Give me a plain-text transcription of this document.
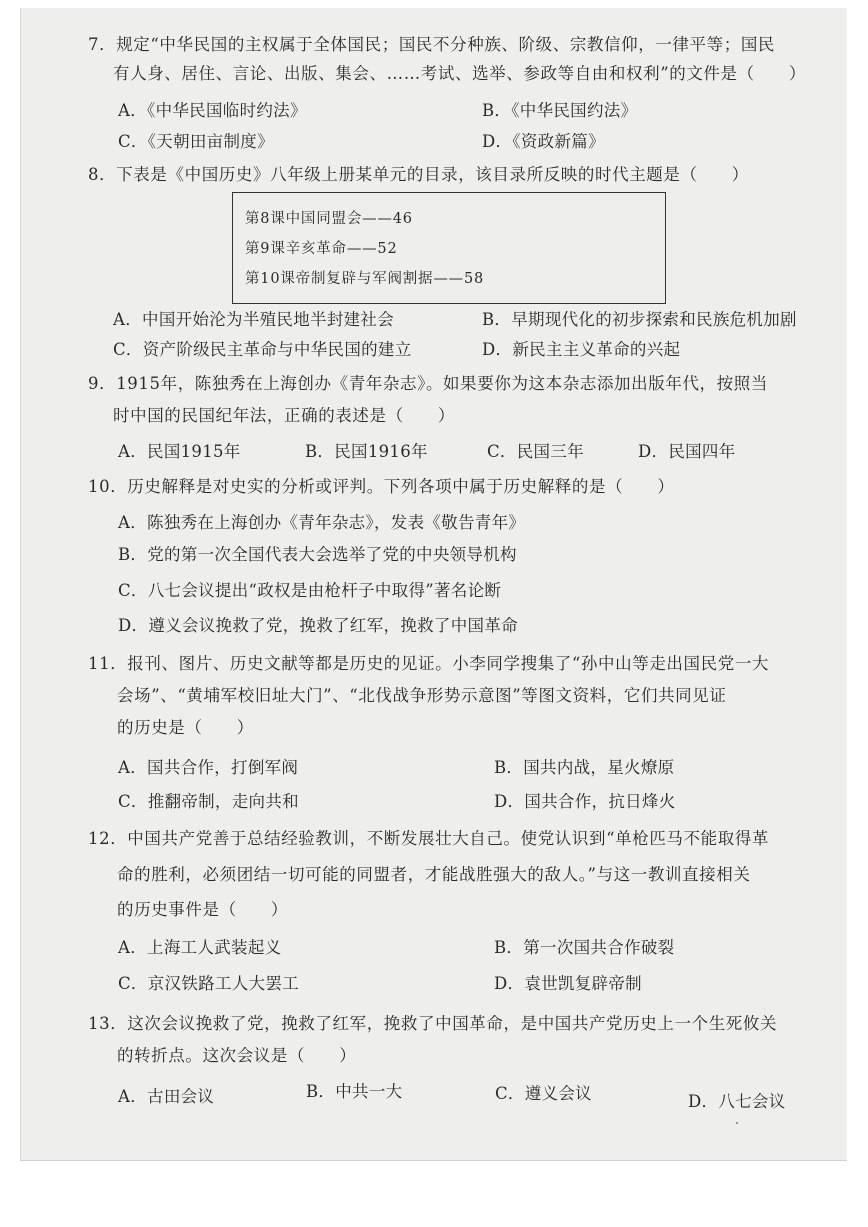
7．规定“中华民国的主权属于全体国民；国民不分种族、阶级、宗教信仰，一律平等；国民
有人身、居住、言论、出版、集会、……考试、选举、参政等自由和权利”的文件是（　　）
A．《中华民国临时约法》	B．《中华民国约法》
C．《天朝田亩制度》	D．《资政新篇》
8．下表是《中国历史》八年级上册某单元的目录，该目录所反映的时代主题是（　　）
第8课中国同盟会——46
第9课辛亥革命——52
第10课帝制复辟与军阀割据——58
A．中国开始沦为半殖民地半封建社会	B．早期现代化的初步探索和民族危机加剧
C．资产阶级民主革命与中华民国的建立	D．新民主主义革命的兴起
9．1915年，陈独秀在上海创办《青年杂志》。如果要你为这本杂志添加出版年代，按照当
时中国的民国纪年法，正确的表述是（　　）
A．民国1915年	B．民国1916年	C．民国三年	D．民国四年
10．历史解释是对史实的分析或评判。下列各项中属于历史解释的是（　　）
A．陈独秀在上海创办《青年杂志》，发表《敬告青年》
B．党的第一次全国代表大会选举了党的中央领导机构
C．八七会议提出“政权是由枪杆子中取得”著名论断
D．遵义会议挽救了党，挽救了红军，挽救了中国革命
11．报刊、图片、历史文献等都是历史的见证。小李同学搜集了“孙中山等走出国民党一大
会场”、“黄埔军校旧址大门”、“北伐战争形势示意图”等图文资料，它们共同见证
的历史是（　　）
A．国共合作，打倒军阀	B．国共内战，星火燎原
C．推翻帝制，走向共和	D．国共合作，抗日烽火
12．中国共产党善于总结经验教训，不断发展壮大自己。使党认识到“单枪匹马不能取得革
命的胜利，必须团结一切可能的同盟者，才能战胜强大的敌人。”与这一教训直接相关
的历史事件是（　　）
A．上海工人武装起义	B．第一次国共合作破裂
C．京汉铁路工人大罢工	D．袁世凯复辟帝制
13．这次会议挽救了党，挽救了红军，挽救了中国革命，是中国共产党历史上一个生死攸关
的转折点。这次会议是（　　）
A．古田会议	B．中共一大	C．遵义会议	D．八七会议
